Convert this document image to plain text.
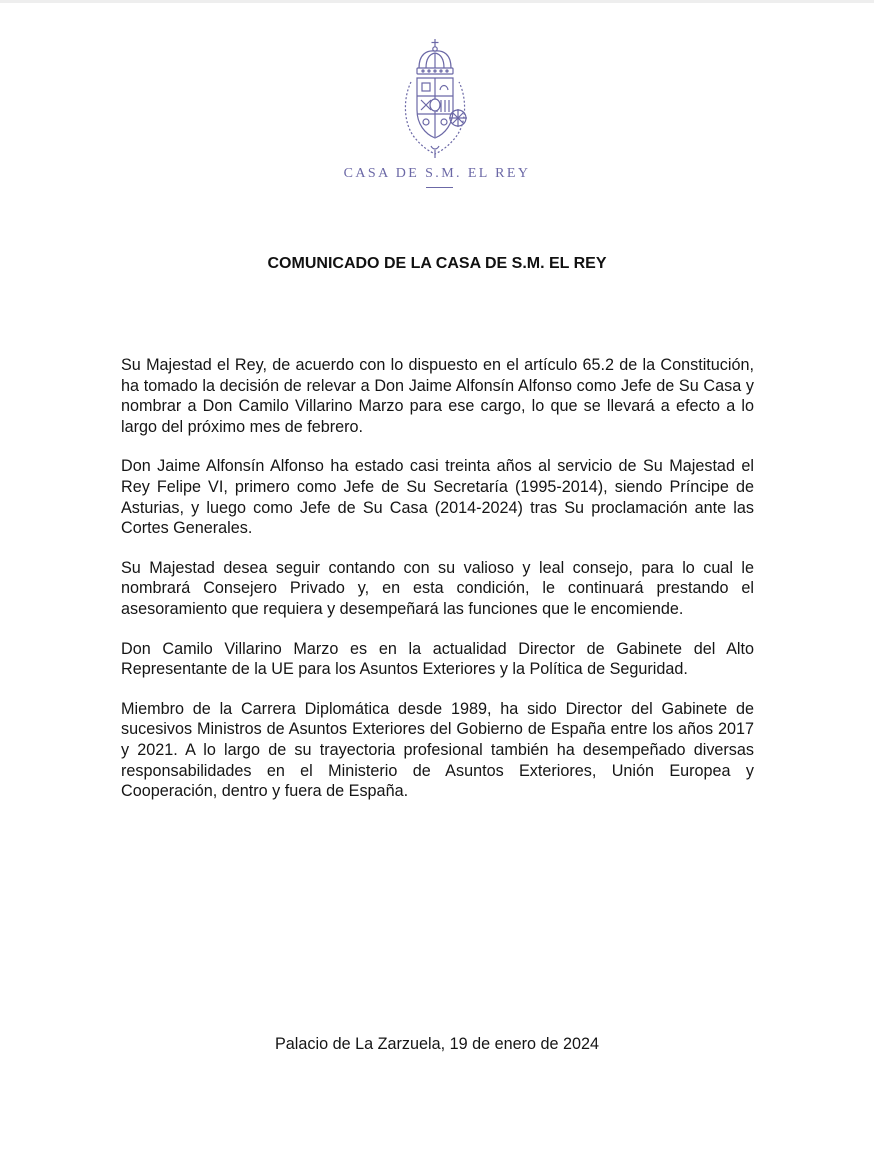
CASA DE S.M. EL REY
COMUNICADO DE LA CASA DE S.M. EL REY

Su Majestad el Rey, de acuerdo con lo dispuesto en el artículo 65.2 de la Constitución, ha tomado la decisión de relevar a Don Jaime Alfonsín Alfonso como Jefe de Su Casa y nombrar a Don Camilo Villarino Marzo para ese cargo, lo que se llevará a efecto a lo largo del próximo mes de febrero.

Don Jaime Alfonsín Alfonso ha estado casi treinta años al servicio de Su Majestad el Rey Felipe VI, primero como Jefe de Su Secretaría (1995-2014), siendo Príncipe de Asturias, y luego como Jefe de Su Casa (2014-2024) tras Su proclamación ante las Cortes Generales.

Su Majestad desea seguir contando con su valioso y leal consejo, para lo cual le nombrará Consejero Privado y, en esta condición, le continuará prestando el asesoramiento que requiera y desempeñará las funciones que le encomiende.

Don Camilo Villarino Marzo es en la actualidad Director de Gabinete del Alto Representante de la UE para los Asuntos Exteriores y la Política de Seguridad.

Miembro de la Carrera Diplomática desde 1989, ha sido Director del Gabinete de sucesivos Ministros de Asuntos Exteriores del Gobierno de España entre los años 2017 y 2021. A lo largo de su trayectoria profesional también ha desempeñado diversas responsabilidades en el Ministerio de Asuntos Exteriores, Unión Europea y Cooperación, dentro y fuera de España.

Palacio de La Zarzuela, 19 de enero de 2024
